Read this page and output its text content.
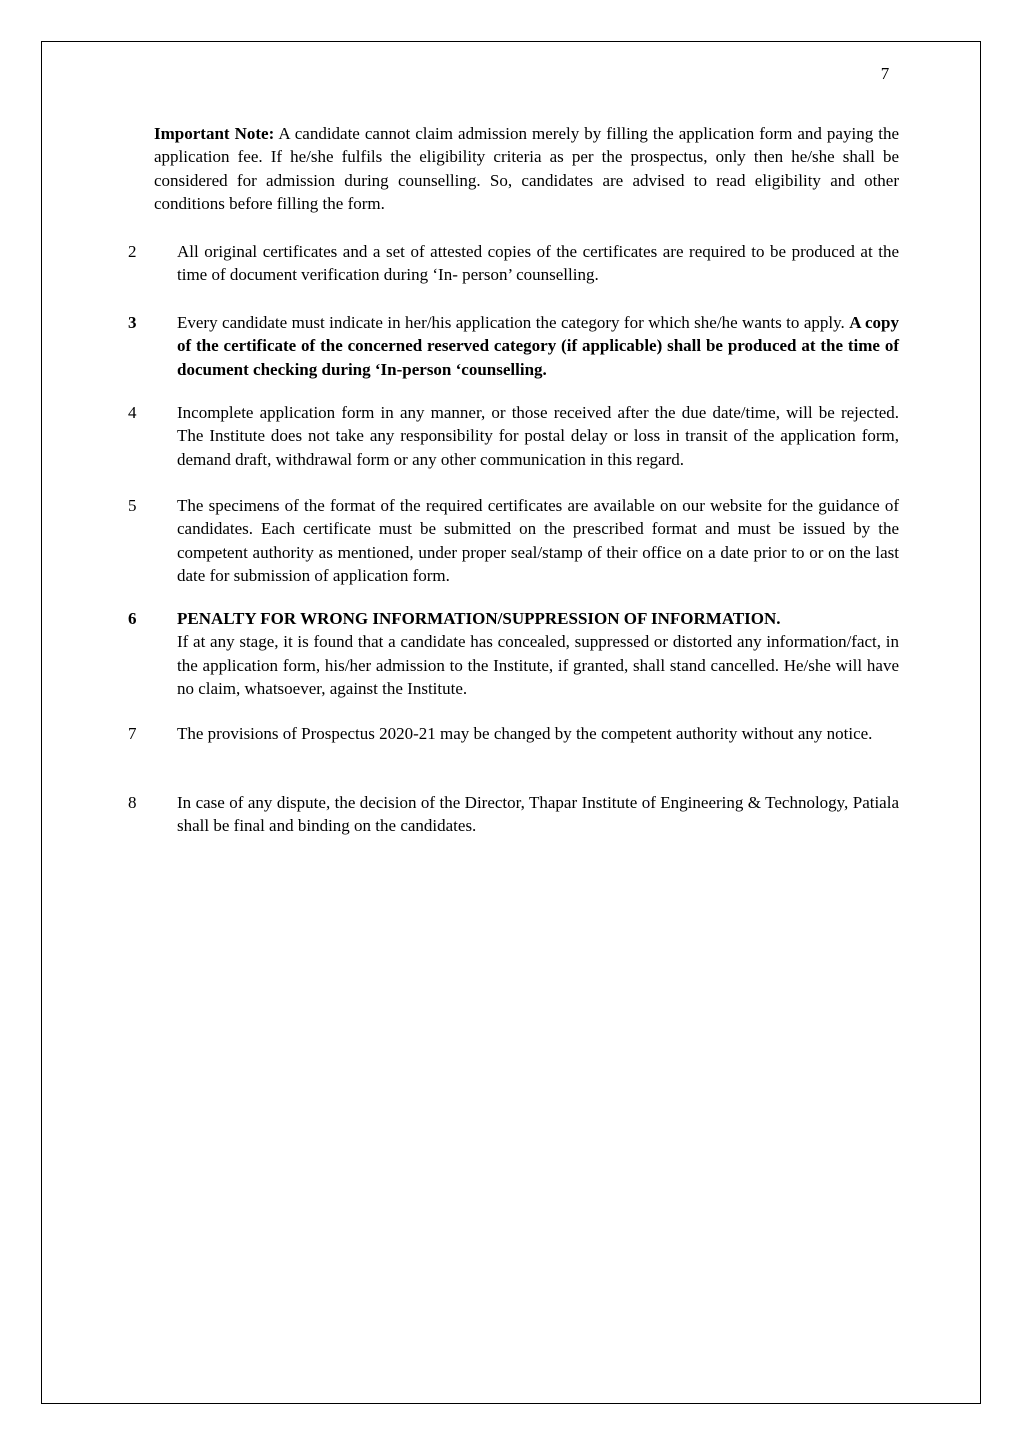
7
Important Note: A candidate cannot claim admission merely by filling the application form and paying the application fee. If he/she fulfils the eligibility criteria as per the prospectus, only then he/she shall be considered for admission during counselling. So, candidates are advised to read eligibility and other conditions before filling the form.
2	All original certificates and a set of attested copies of the certificates are required to be produced at the time of document verification during ‘In- person’ counselling.
3	Every candidate must indicate in her/his application the category for which she/he wants to apply. A copy of the certificate of the concerned reserved category (if applicable) shall be produced at the time of document checking during ‘In-person ‘counselling.
4	Incomplete application form in any manner, or those received after the due date/time, will be rejected. The Institute does not take any responsibility for postal delay or loss in transit of the application form, demand draft, withdrawal form or any other communication in this regard.
5	The specimens of the format of the required certificates are available on our website for the guidance of candidates. Each certificate must be submitted on the prescribed format and must be issued by the competent authority as mentioned, under proper seal/stamp of their office on a date prior to or on the last date for submission of application form.
6	PENALTY FOR WRONG INFORMATION/SUPPRESSION OF INFORMATION.
If at any stage, it is found that a candidate has concealed, suppressed or distorted any information/fact, in the application form, his/her admission to the Institute, if granted, shall stand cancelled. He/she will have no claim, whatsoever, against the Institute.
7	The provisions of Prospectus 2020-21 may be changed by the competent authority without any notice.
8	In case of any dispute, the decision of the Director, Thapar Institute of Engineering & Technology, Patiala shall be final and binding on the candidates.
